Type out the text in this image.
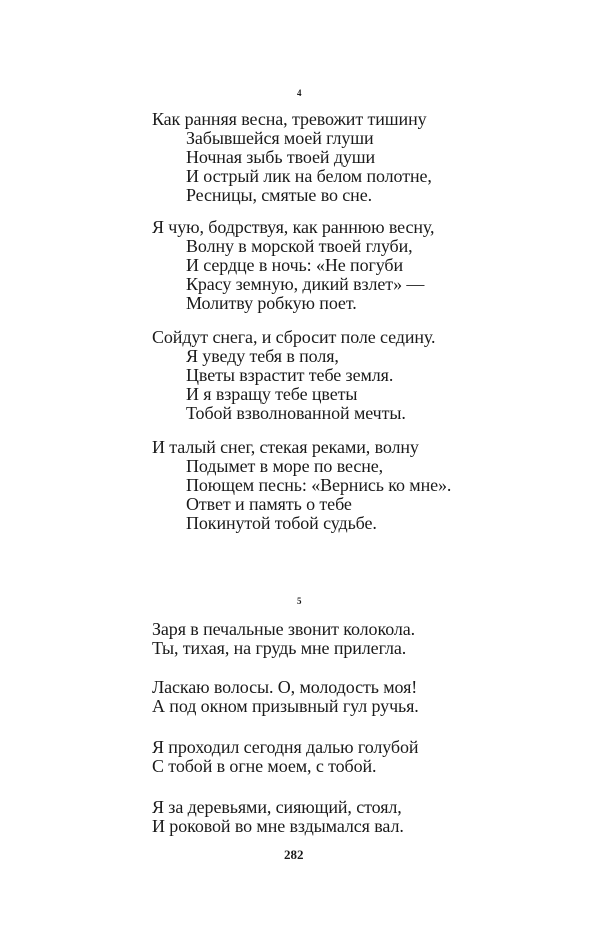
4
Как ранняя весна, тревожит тишину
Забывшейся моей глуши
Ночная зыбь твоей души
И острый лик на белом полотне,
Ресницы, смятые во сне.
Я чую, бодрствуя, как раннюю весну,
Волну в морской твоей глуби,
И сердце в ночь: «Не погуби
Красу земную, дикий взлет» —
Молитву робкую поет.
Сойдут снега, и сбросит поле седину.
Я уведу тебя в поля,
Цветы взрастит тебе земля.
И я взращу тебе цветы
Тобой взволнованной мечты.
И талый снег, стекая реками, волну
Подымет в море по весне,
Поющем песнь: «Вернись ко мне».
Ответ и память о тебе
Покинутой тобой судьбе.
5
Заря в печальные звонит колокола.
Ты, тихая, на грудь мне прилегла.
Ласкаю волосы. О, молодость моя!
А под окном призывный гул ручья.
Я проходил сегодня далью голубой
С тобой в огне моем, с тобой.
Я за деревьями, сияющий, стоял,
И роковой во мне вздымался вал.
282
